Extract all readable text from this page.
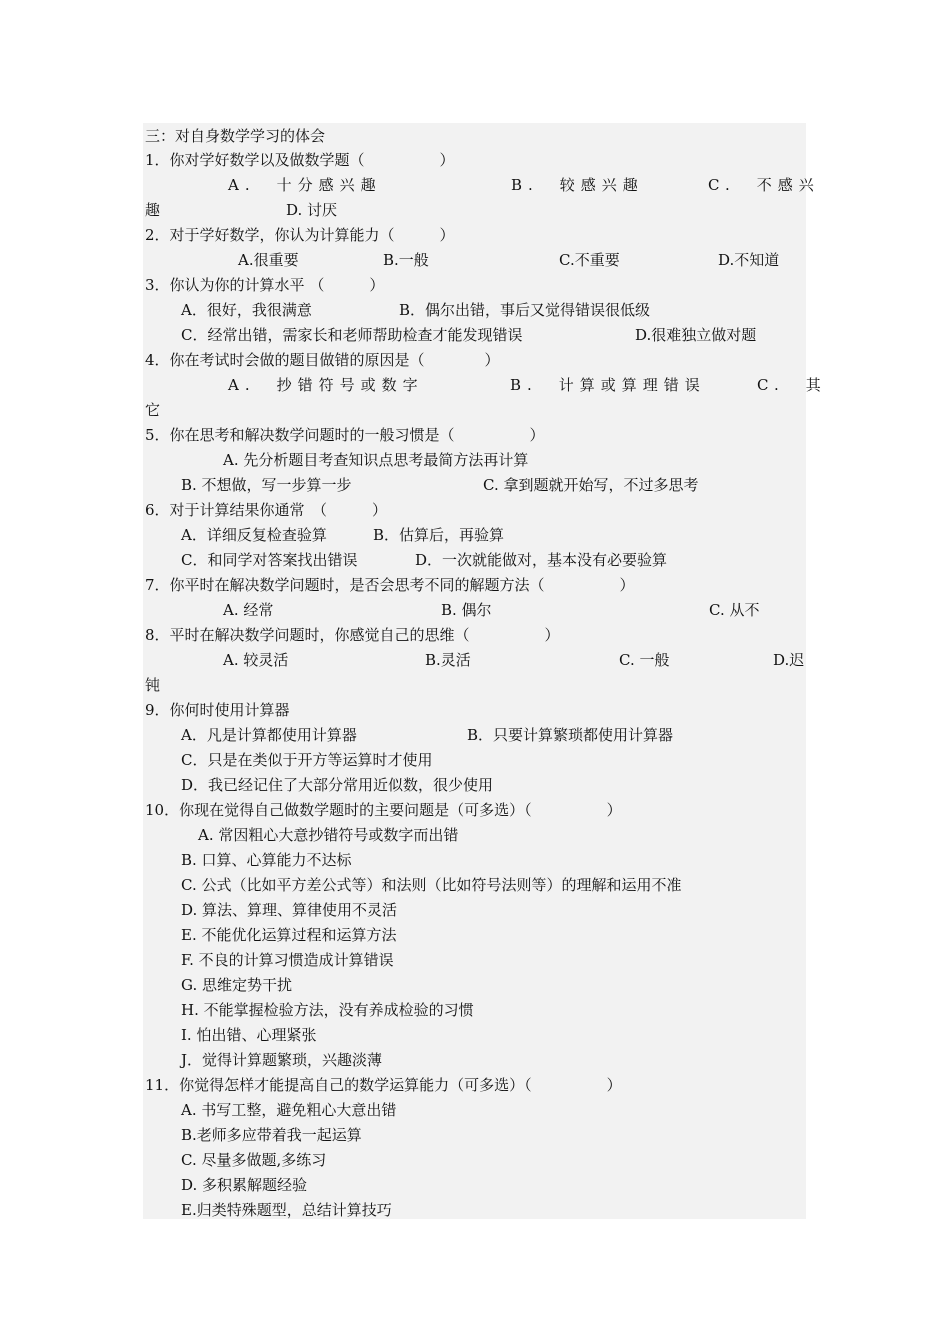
三：对自身数学学习的体会
1．你对学好数学以及做数学题（　　　　　）
A.　十分感兴趣	B.　较感兴趣	C.　不感兴
趣	D. 讨厌
2．对于学好数学，你认为计算能力（　　　）
A.很重要	B.一般	C.不重要	D.不知道
3．你认为你的计算水平 （　　　）
A．很好，我很满意	B．偶尔出错，事后又觉得错误很低级
C．经常出错，需家长和老师帮助检查才能发现错误	D.很难独立做对题
4．你在考试时会做的题目做错的原因是（　　　　）
A.　抄错符号或数字	B.　计算或算理错误	C.　其
它
5．你在思考和解决数学问题时的一般习惯是（　　　　　）
A. 先分析题目考查知识点思考最简方法再计算
B. 不想做，写一步算一步	C. 拿到题就开始写，不过多思考
6．对于计算结果你通常　（　　　）
A．详细反复检查验算	B．估算后，再验算
C．和同学对答案找出错误	D．一次就能做对，基本没有必要验算
7．你平时在解决数学问题时，是否会思考不同的解题方法（　　　　　）
A. 经常	B. 偶尔	C. 从不
8．平时在解决数学问题时，你感觉自己的思维（　　　　　）
A. 较灵活	B.灵活	C. 一般	D.迟
钝
9．你何时使用计算器
A．凡是计算都使用计算器	B．只要计算繁琐都使用计算器
C．只是在类似于开方等运算时才使用
D．我已经记住了大部分常用近似数，很少使用
10．你现在觉得自己做数学题时的主要问题是（可多选）（　　　　　）
A. 常因粗心大意抄错符号或数字而出错
B. 口算、心算能力不达标
C. 公式（比如平方差公式等）和法则（比如符号法则等）的理解和运用不准
D. 算法、算理、算律使用不灵活
E. 不能优化运算过程和运算方法
F. 不良的计算习惯造成计算错误
G. 思维定势干扰
H. 不能掌握检验方法，没有养成检验的习惯
I. 怕出错、心理紧张
J．觉得计算题繁琐，兴趣淡薄
11．你觉得怎样才能提高自己的数学运算能力（可多选）（　　　　　）
A. 书写工整，避免粗心大意出错
B.老师多应带着我一起运算
C. 尽量多做题,多练习
D. 多积累解题经验
E.归类特殊题型，总结计算技巧
